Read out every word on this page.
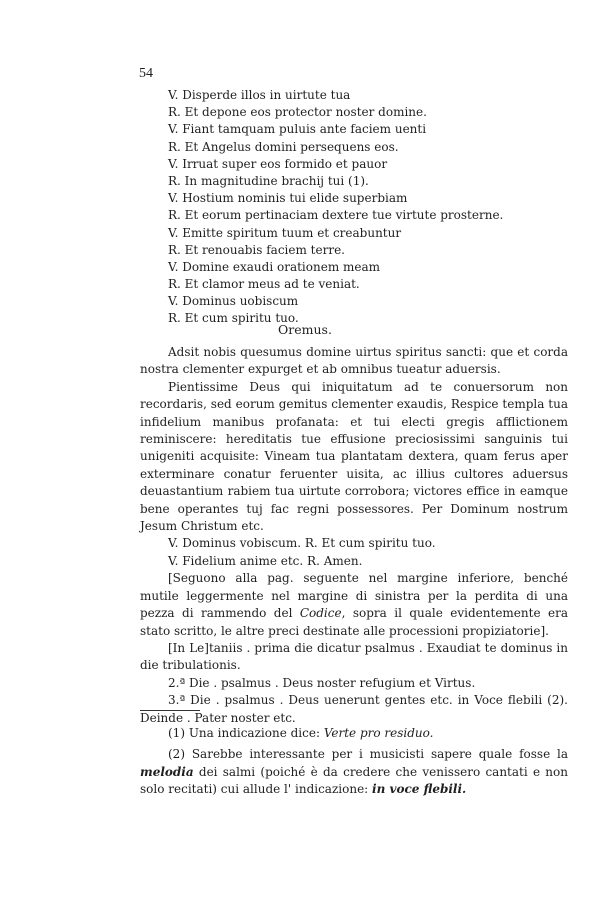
54
V. Disperde illos in uirtute tua
R. Et depone eos protector noster domine.
V. Fiant tamquam puluis ante faciem uenti
R. Et Angelus domini persequens eos.
V. Irruat super eos formido et pauor
R. In magnitudine brachij tui (1).
V. Hostium nominis tui elide superbiam
R. Et eorum pertinaciam dextere tue virtute prosterne.
V. Emitte spiritum tuum et creabuntur
R. Et renouabis faciem terre.
V. Domine exaudi orationem meam
R. Et clamor meus ad te veniat.
V. Dominus uobiscum
R. Et cum spiritu tuo.
Oremus.

Adsit nobis quesumus domine uirtus spiritus sancti: que et corda nostra clementer expurget et ab omnibus tueatur aduersis.

Pientissime Deus qui iniquitatum ad te conuersorum non recordaris, sed eorum gemitus clementer exaudis, Respice templa tua infidelium manibus profanata: et tui electi gregis afflictionem reminiscere: hereditatis tue effusione preciosissimi sanguinis tui unigeniti acquisite: Vineam tua plantatam dextera, quam ferus aper exterminare conatur feruenter uisita, ac illius cultores aduersus deuastantium rabiem tua uirtute corrobora; victores effice in eamque bene operantes tuj fac regni possessores. Per Dominum nostrum Jesum Christum etc.

V. Dominus vobiscum. R. Et cum spiritu tuo.

V. Fidelium anime etc. R. Amen.

[Seguono alla pag. seguente nel margine inferiore, benché mutile leggermente nel margine di sinistra per la perdita di una pezza di rammendo del Codice, sopra il quale evidentemente era stato scritto, le altre preci destinate alle processioni propiziatorie].

[In Le]taniis . prima die dicatur psalmus . Exaudiat te dominus in die tribulationis.

2.ª Die . psalmus . Deus noster refugium et Virtus.

3.ª Die . psalmus . Deus uenerunt gentes etc. in Voce flebili (2). Deinde . Pater noster etc.

(1) Una indicazione dice: Verte pro residuo.

(2) Sarebbe interessante per i musicisti sapere quale fosse la melodia dei salmi (poiché è da credere che venissero cantati e non solo recitati) cui allude l' indicazione: in voce flebili.
